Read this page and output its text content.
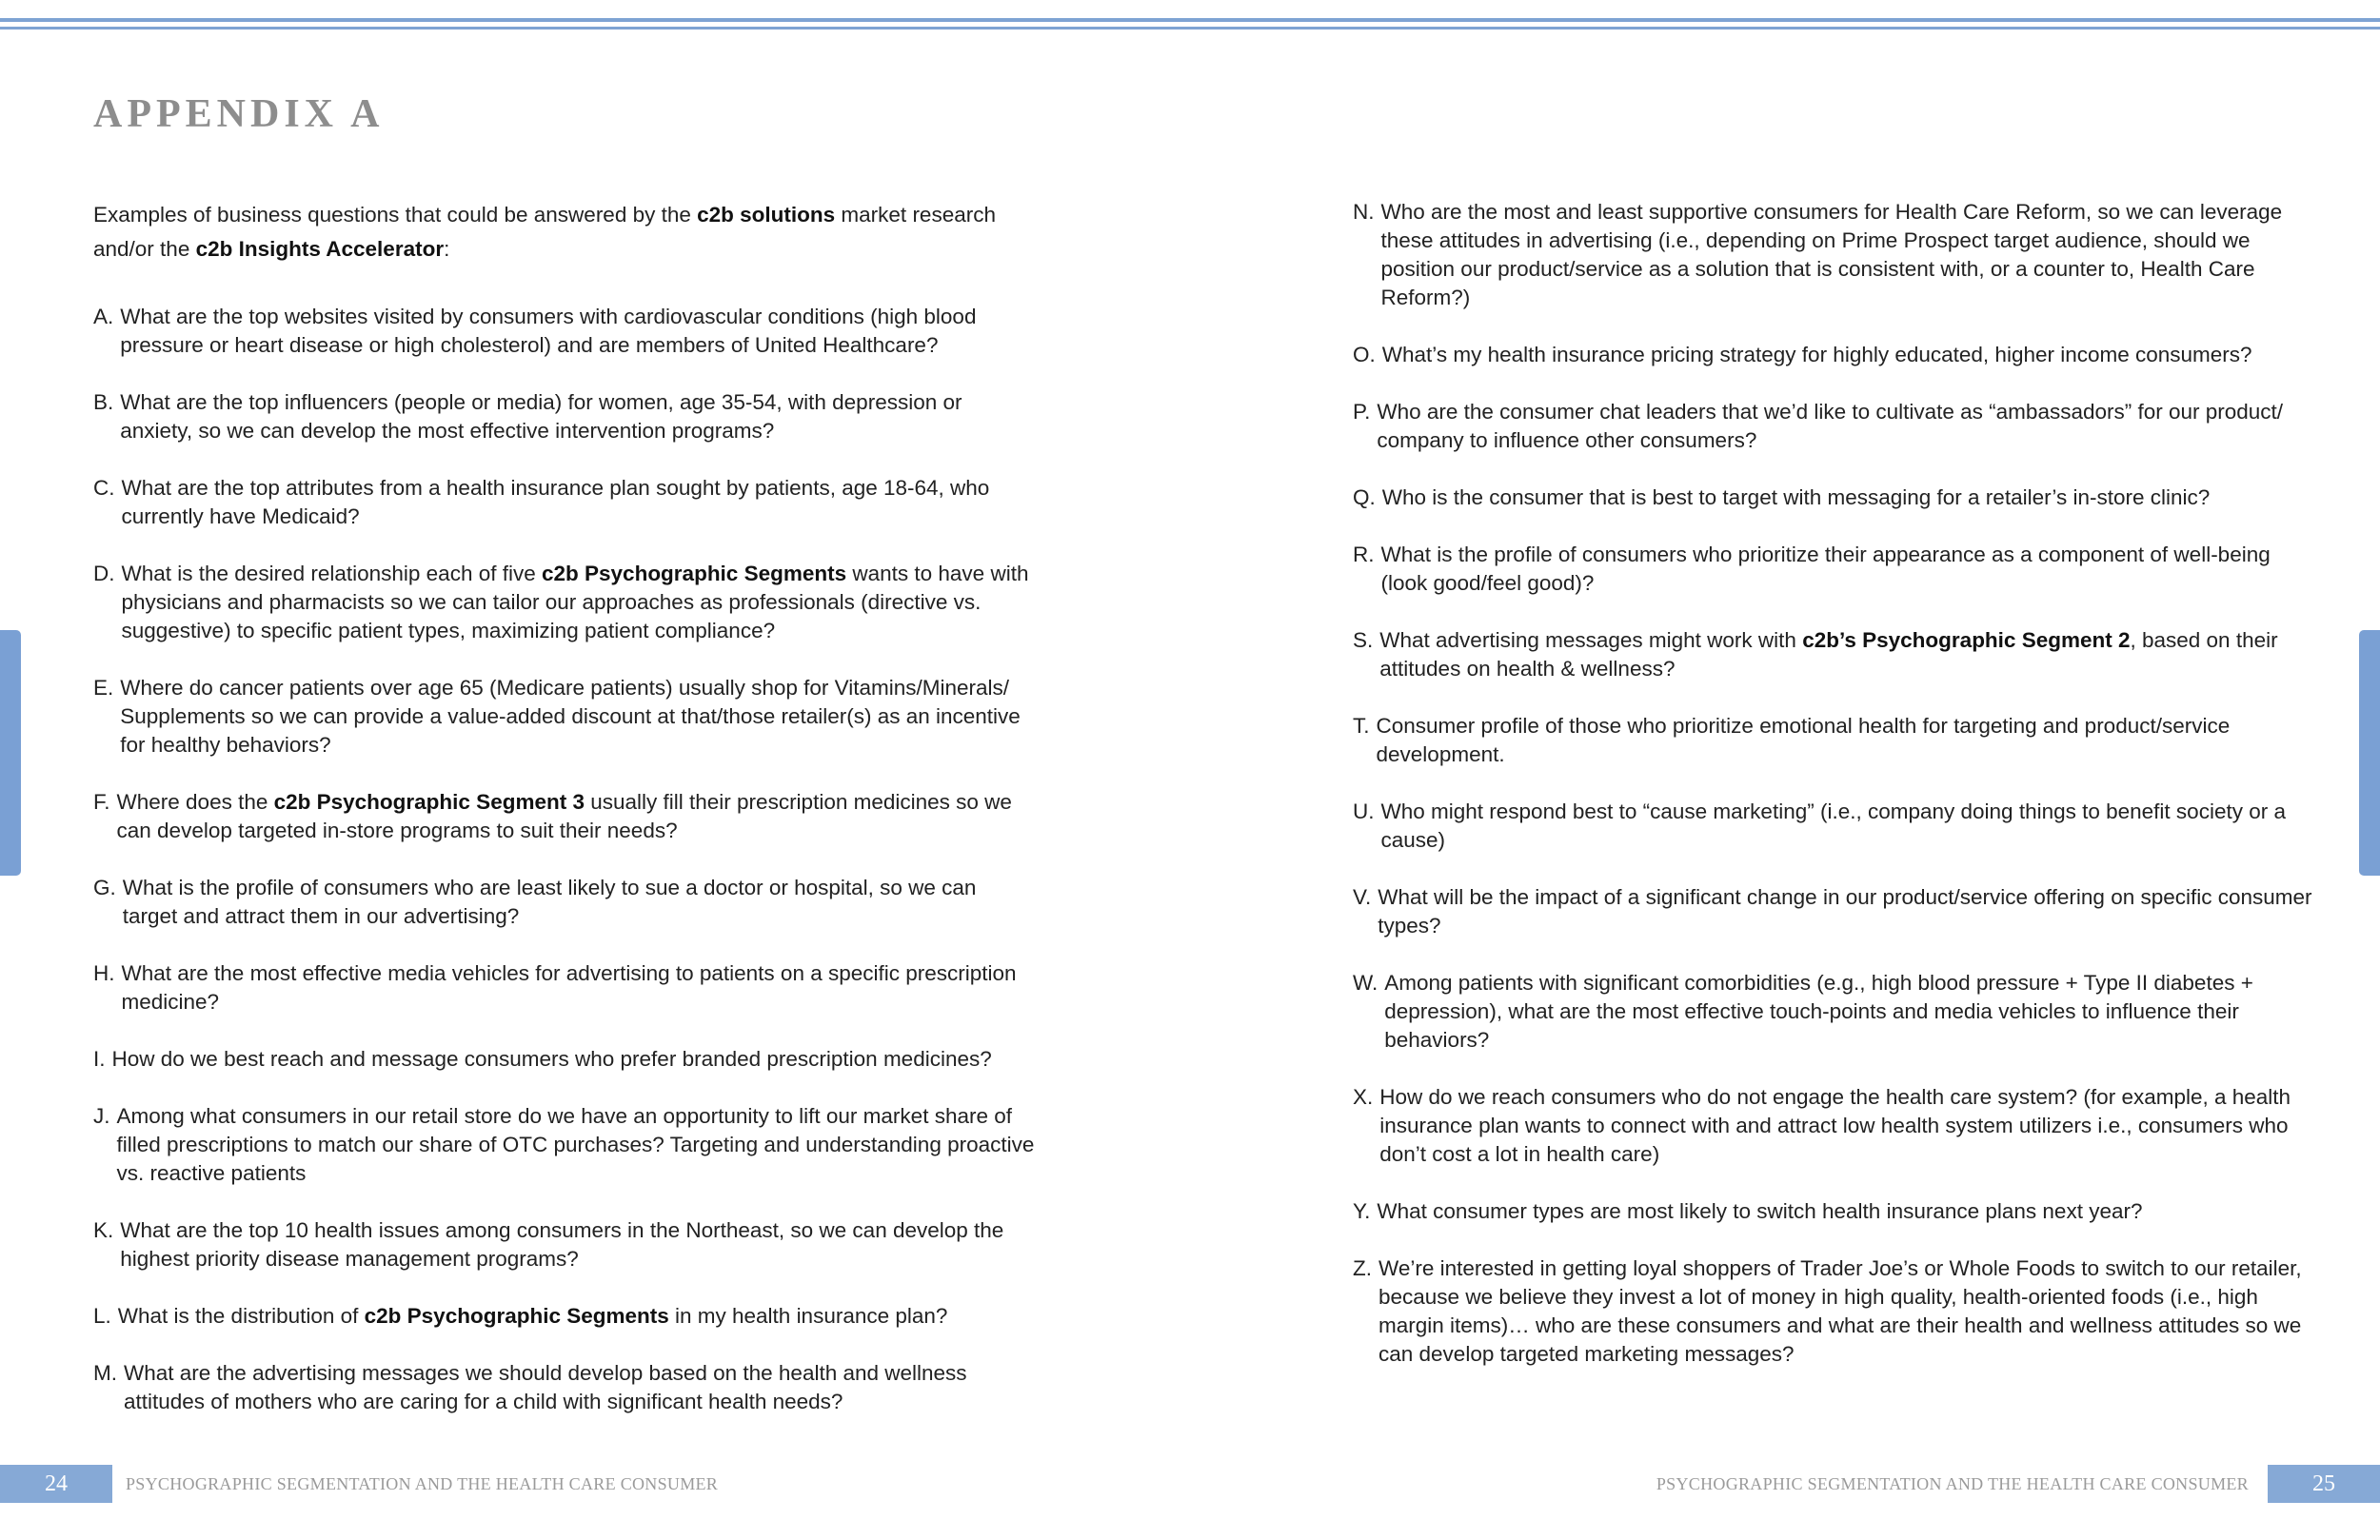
APPENDIX A

Examples of business questions that could be answered by the c2b solutions market research and/or the c2b Insights Accelerator:

A. What are the top websites visited by consumers with cardiovascular conditions (high blood pressure or heart disease or high cholesterol) and are members of United Healthcare?
B. What are the top influencers (people or media) for women, age 35-54, with depression or anxiety, so we can develop the most effective intervention programs?
C. What are the top attributes from a health insurance plan sought by patients, age 18-64, who currently have Medicaid?
D. What is the desired relationship each of five c2b Psychographic Segments wants to have with physicians and pharmacists so we can tailor our approaches as professionals (directive vs. suggestive) to specific patient types, maximizing patient compliance?
E. Where do cancer patients over age 65 (Medicare patients) usually shop for Vitamins/Minerals/ Supplements so we can provide a value-added discount at that/those retailer(s) as an incentive for healthy behaviors?
F. Where does the c2b Psychographic Segment 3 usually fill their prescription medicines so we can develop targeted in-store programs to suit their needs?
G. What is the profile of consumers who are least likely to sue a doctor or hospital, so we can target and attract them in our advertising?
H. What are the most effective media vehicles for advertising to patients on a specific prescription medicine?
I. How do we best reach and message consumers who prefer branded prescription medicines?
J. Among what consumers in our retail store do we have an opportunity to lift our market share of filled prescriptions to match our share of OTC purchases? Targeting and understanding proactive vs. reactive patients
K. What are the top 10 health issues among consumers in the Northeast, so we can develop the highest priority disease management programs?
L. What is the distribution of c2b Psychographic Segments in my health insurance plan?
M. What are the advertising messages we should develop based on the health and wellness attitudes of mothers who are caring for a child with significant health needs?
N. Who are the most and least supportive consumers for Health Care Reform, so we can leverage these attitudes in advertising (i.e., depending on Prime Prospect target audience, should we position our product/service as a solution that is consistent with, or a counter to, Health Care Reform?)
O. What’s my health insurance pricing strategy for highly educated, higher income consumers?
P. Who are the consumer chat leaders that we’d like to cultivate as “ambassadors” for our product/ company to influence other consumers?
Q. Who is the consumer that is best to target with messaging for a retailer’s in-store clinic?
R. What is the profile of consumers who prioritize their appearance as a component of well-being (look good/feel good)?
S. What advertising messages might work with c2b’s Psychographic Segment 2, based on their attitudes on health & wellness?
T. Consumer profile of those who prioritize emotional health for targeting and product/service development.
U. Who might respond best to “cause marketing” (i.e., company doing things to benefit society or a cause)
V. What will be the impact of a significant change in our product/service offering on specific consumer types?
W. Among patients with significant comorbidities (e.g., high blood pressure + Type II diabetes + depression), what are the most effective touch-points and media vehicles to influence their behaviors?
X. How do we reach consumers who do not engage the health care system? (for example, a health insurance plan wants to connect with and attract low health system utilizers i.e., consumers who don’t cost a lot in health care)
Y. What consumer types are most likely to switch health insurance plans next year?
Z. We’re interested in getting loyal shoppers of Trader Joe’s or Whole Foods to switch to our retailer, because we believe they invest a lot of money in high quality, health-oriented foods (i.e., high margin items)… who are these consumers and what are their health and wellness attitudes so we can develop targeted marketing messages?
24	PSYCHOGRAPHIC SEGMENTATION AND THE HEALTH CARE CONSUMER	PSYCHOGRAPHIC SEGMENTATION AND THE HEALTH CARE CONSUMER	25
